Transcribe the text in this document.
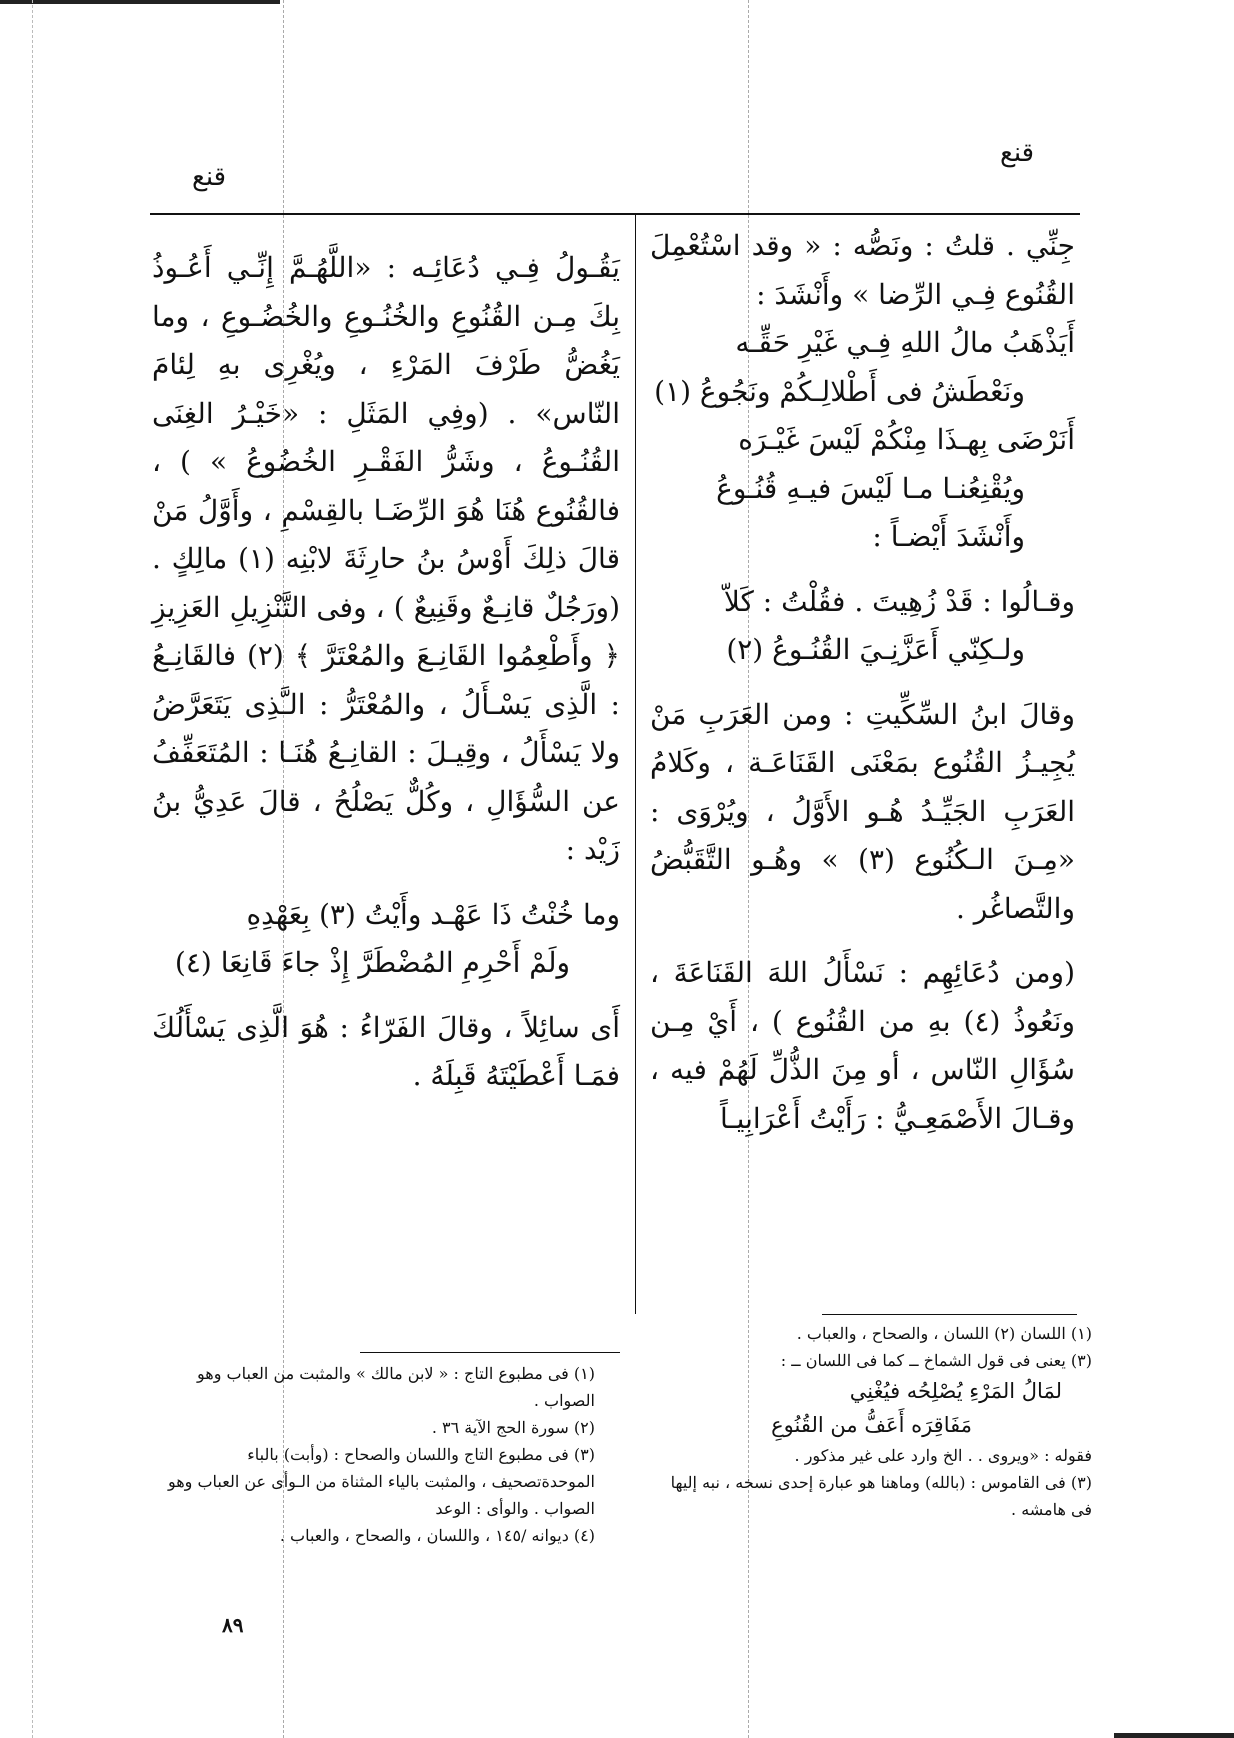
قنع
قنع

جِنِّي . قلتُ : ونَصُّه : « وقد اسْتُعْمِلَ القُنُوع فِـي الرِّضا » وأَنْشَدَ :

أَيَذْهَبُ مالُ اللهِ فِـي غَيْرِ حَقِّـه
ونَعْطَشُ فى أَطْلالِـكُمْ ونَجُوعُ (١)
أَنَرْضَى بِهـذَا مِنْكُمْ لَيْسَ غَيْـرَه
ويُقْنِعُنـا مـا لَيْسَ فيـهِ قُنُـوعُ

وأَنْشَدَ أَيْضـاً :

وقـالُوا : قَدْ زُهِيتَ . فقُلْتُ : كَلاّ
ولـكِنّي أَعَزَّنِـيَ القُنُـوعُ (٢)

وقالَ ابنُ السِّكِّيتِ : ومن العَرَبِ مَنْ يُجِيـزُ القُنُوع بمَعْنَى القَنَاعَـة ، وكَلامُ العَرَبِ الجَيِّـدُ هُـو الأَوَّلُ ، ويُرْوَى : «مِـنَ الـكُنُوع (٣) » وهُـو التَّقَبُّضُ والتَّصاغُر .

(ومن دُعَائِهِم : نَسْأَلُ اللهَ القَنَاعَةَ ، ونَعُوذُ (٤) بهِ من القُنُوع ) ، أَيْ مِـن سُؤَالِ النّاس ، أو مِنَ الذُّلِّ لَهُمْ فيه ، وقـالَ الأَصْمَعِـيُّ : رَأَيْتُ أَعْرَابِيـاً

يَقُـولُ فِـي دُعَائِـه : «اللَّهُـمَّ إِنِّـي أَعُـوذُ بِكَ مِـن القُنُوعِ والخُنُـوعِ والخُضُـوعِ ، وما يَغُضُّ طَرْفَ المَرْءِ ، ويُغْرِى بهِ لِئامَ النّاس» . (وفِي المَثَلِ : «خَيْـرُ الغِنَى القُنُـوعُ ، وشَرُّ الفَقْـرِ الخُضُوعُ » ) ، فالقُنُوع هُنَا هُوَ الرِّضَـا بالقِسْمِ ، وأَوَّلُ مَنْ قالَ ذلِكَ أَوْسُ بنُ حارِثَةَ لابْنِه (١) مالِكٍ . (ورَجُلٌ قانِـعٌ وقَنِيعٌ ) ، وفى التَّنْزِيلِ العَزِيزِ ﴿ وأَطْعِمُوا القَانِـعَ والمُعْتَرَّ ﴾ (٢) فالقَانِـعُ : الَّذِى يَسْـأَلُ ، والمُعْتَرُّ : الـَّذِى يَتَعَرَّضُ ولا يَسْأَلُ ، وقِيـلَ : القانِـعُ هُنَـا : المُتَعَفِّفُ عن السُّؤَالِ ، وكُلٌّ يَصْلُحُ ، قالَ عَدِيُّ بنُ زَيْد :

وما خُنْتُ ذَا عَهْـد وأَيْتُ (٣) بِعَهْدِهِ
ولَمْ أَحْرِمِ المُضْطَرَّ إِذْ جاءَ قَانِعَا (٤)

أَى سائِلاً ، وقالَ الفَرّاءُ : هُوَ الَّذِى يَسْأَلُكَ فمَـا أَعْطَيْتَهُ قَبِلَهُ .

(١) اللسان (٢) اللسان ، والصحاح ، والعباب .

(٣) يعنى فى قول الشماخ ــ كما فى اللسان ــ :

لمَالُ المَرْءِ يُصْلِحُه فيُغْنِي

مَفَاقِرَه أَعَفُّ من القُنُوعِ

فقوله : «ويروى . . الخ وارد على غير مذكور .

(٣) فى القاموس : (بالله) وماهنا هو عبارة إحدى نسخه ، نبه إليها فى هامشه .

(١) فى مطبوع التاج : « لابن مالك » والمثبت من العباب وهو الصواب .

(٢) سورة الحج الآية ٣٦ .

(٣) فى مطبوع التاج واللسان والصحاح : (وأبت) بالباء الموحدةتصحيف ، والمثبت بالياء المثناة من الـوأى عن العباب وهو الصواب . والوأى : الوعد

(٤) ديوانه /١٤٥ ، واللسان ، والصحاح ، والعباب .

٨٩
